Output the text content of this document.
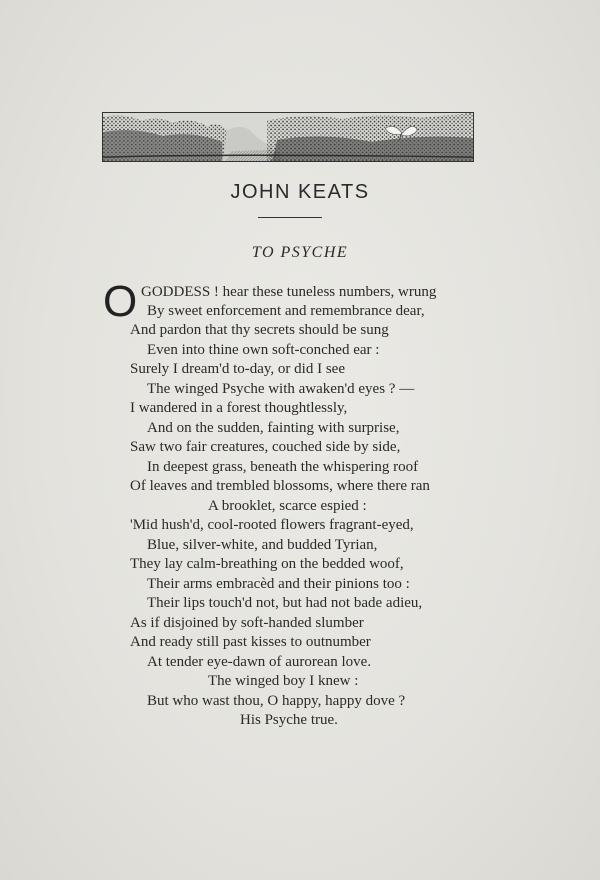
JOHN KEATS
TO PSYCHE
O GODDESS ! hear these tuneless numbers, wrung
By sweet enforcement and remembrance dear,
And pardon that thy secrets should be sung
Even into thine own soft-conched ear :
Surely I dream'd to-day, or did I see
The winged Psyche with awaken'd eyes ? —
I wandered in a forest thoughtlessly,
And on the sudden, fainting with surprise,
Saw two fair creatures, couched side by side,
In deepest grass, beneath the whispering roof
Of leaves and trembled blossoms, where there ran
A brooklet, scarce espied :
'Mid hush'd, cool-rooted flowers fragrant-eyed,
Blue, silver-white, and budded Tyrian,
They lay calm-breathing on the bedded woof,
Their arms embracèd and their pinions too :
Their lips touch'd not, but had not bade adieu,
As if disjoined by soft-handed slumber
And ready still past kisses to outnumber
At tender eye-dawn of aurorean love.
The winged boy I knew :
But who wast thou, O happy, happy dove ?
His Psyche true.
